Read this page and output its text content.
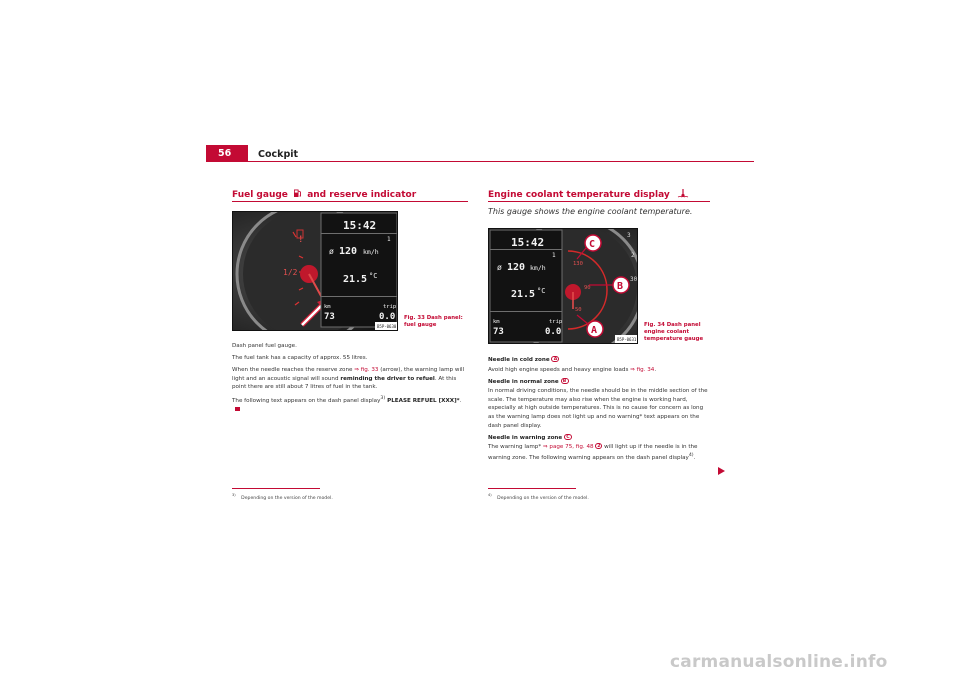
56	Cockpit
Fuel gauge and reserve indicator
1/2
!
15:42
1
ø 120 km/h
21.5 °C
km
73
trip
0.0
B5P-0630
Fig. 33 Dash panel: fuel gauge

Dash panel fuel gauge.

The fuel tank has a capacity of approx. 55 litres.

When the needle reaches the reserve zone ⇒ fig. 33 (arrow), the warning lamp will light and an acoustic signal will sound reminding the driver to refuel. At this point there are still about 7 litres of fuel in the tank.

The following text appears on the dash panel display$^{3)}$ PLEASE REFUEL [XXX]*.

$^{3)}$ Depending on the version of the model.
Engine coolant temperature display
This gauge shows the engine coolant temperature.
15:42
1
ø 120 km/h
21.5 °C
km
73
trip
0.0
130
90
50
3
2
30
C
B
A
B5P-0631
Fig. 34 Dash panel engine coolant temperature gauge

Needle in cold zone A

Avoid high engine speeds and heavy engine loads ⇒ fig. 34.

Needle in normal zone B

In normal driving conditions, the needle should be in the middle section of the scale. The temperature may also rise when the engine is working hard, especially at high outside temperatures. This is no cause for concern as long as the warning lamp does not light up and no warning* text appears on the dash panel display.

Needle in warning zone C

The warning lamp* ⇒ page 75, fig. 48 2 will light up if the needle is in the warning zone. The following warning appears on the dash panel display$^{4)}$.

$^{4)}$ Depending on the version of the model.
carmanualsonline.info
